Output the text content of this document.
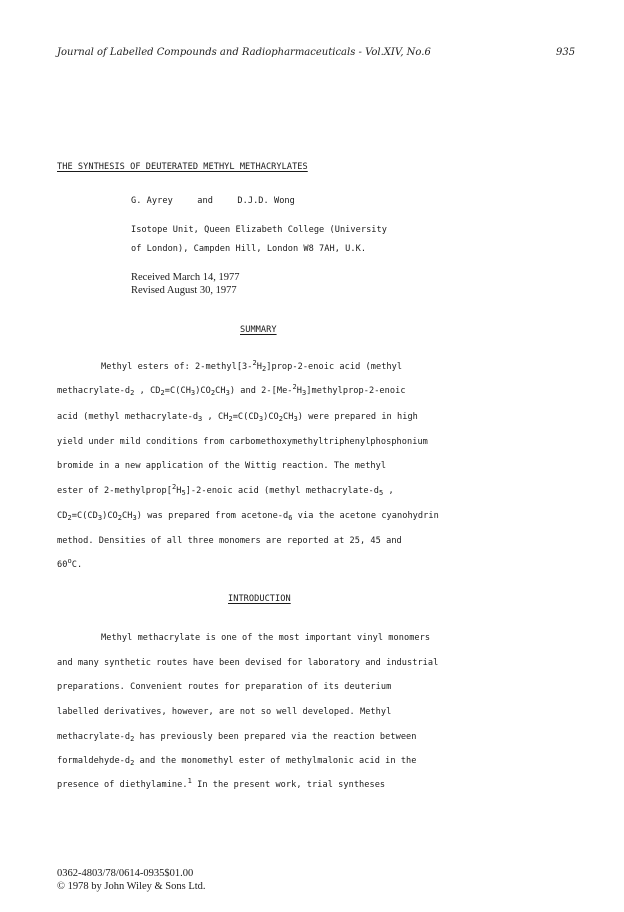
Journal of Labelled Compounds and Radiopharmaceuticals - Vol.XIV, No.6	935
THE SYNTHESIS OF DEUTERATED METHYL METHACRYLATES
G. Ayrey	and	D.J.D. Wong
Isotope Unit, Queen Elizabeth College (University
of London), Campden Hill, London W8 7AH, U.K.
Received March 14, 1977
Revised August 30, 1977
SUMMARY
Methyl esters of: $2-methyl[3-^2H_2]prop-2$-enoic acid (methyl
methacrylate-$d_2$ , $CD_2=C(CH_3)CO_2CH_3$) and $2-[Me-^2H_3]methylprop-2$-enoic
acid (methyl methacrylate-$d_3$ , $CH_2=C(CD_3)CO_2CH_3$) were prepared in high
yield under mild conditions from carbomethoxymethyltriphenylphosphonium
bromide in a new application of the Wittig reaction. The methyl
ester of $2-methylprop[^2H_5]-2$-enoic acid (methyl methacrylate-$d_5$ ,
$CD_2=C(CD_3)CO_2CH_3$) was prepared from acetone-$d_6$ via the acetone cyanohydrin
method. Densities of all three monomers are reported at 25, 45 and
60$^o$C.
INTRODUCTION
Methyl methacrylate is one of the most important vinyl monomers
and many synthetic routes have been devised for laboratory and industrial
preparations. Convenient routes for preparation of its deuterium
labelled derivatives, however, are not so well developed. Methyl
methacrylate-$d_2$ has previously been prepared via the reaction between
formaldehyde-$d_2$ and the monomethyl ester of methylmalonic acid in the
presence of diethylamine.$^1$ In the present work, trial syntheses
0362-4803/78/0614-0935$01.00
© 1978 by John Wiley & Sons Ltd.
